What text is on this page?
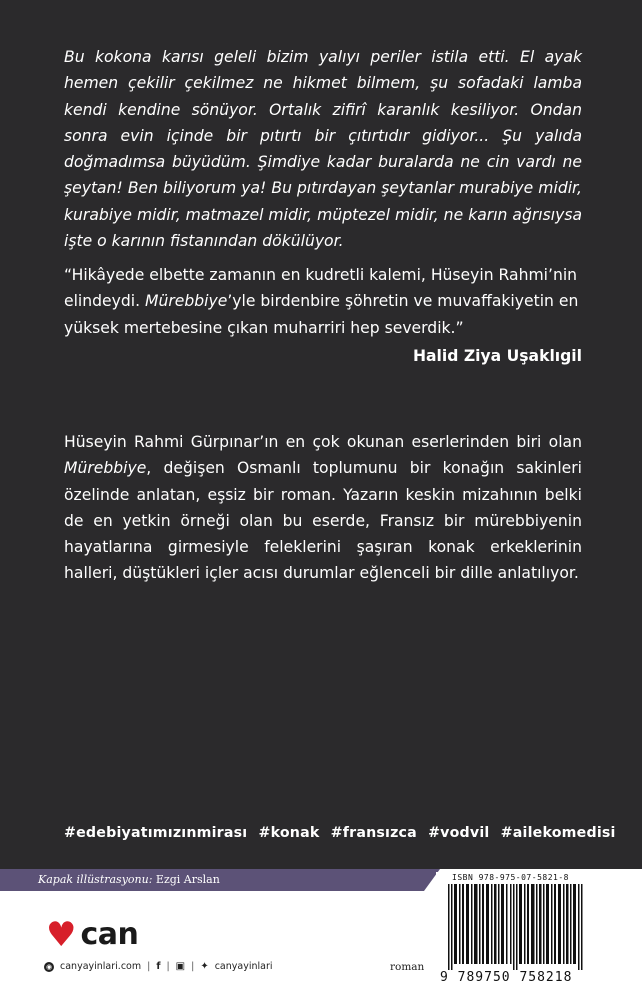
Bu kokona karısı geleli bizim yalıyı periler istila etti. El ayak hemen çekilir çekilmez ne hikmet bilmem, şu sofadaki lamba kendi kendine sönüyor. Ortalık zifirî karanlık kesiliyor. Ondan sonra evin içinde bir pıtırtı bir çıtırtıdır gidiyor... Şu yalıda doğmadımsa büyüdüm. Şimdiye kadar buralarda ne cin vardı ne şeytan! Ben biliyorum ya! Bu pıtırdayan şeytanlar murabiye midir, kurabiye midir, matmazel midir, müptezel midir, ne karın ağrısıysa işte o karının fistanından dökülüyor.

“Hikâyede elbette zamanın en kudretli kalemi, Hüseyin Rahmi’nin elindeydi. Mürebbiye’yle birdenbire şöhretin ve muvaffakiyetin en yüksek mertebesine çıkan muharriri hep severdik.”

Halid Ziya Uşaklıgil

Hüseyin Rahmi Gürpınar’ın en çok okunan eserlerinden biri olan Mürebbiye, değişen Osmanlı toplumunu bir konağın sakinleri özelinde anlatan, eşsiz bir roman. Yazarın keskin mizahının belki de en yetkin örneği olan bu eserde, Fransız bir mürebbiyenin hayatlarına girmesiyle feleklerini şaşıran konak erkeklerinin halleri, düştükleri içler acısı durumlar eğlenceli bir dille anlatılıyor.

#edebiyatımızınmirası #konak #fransızca #vodvil #ailekomedisi
Kapak illüstrasyonu: Ezgi Arslan
♥ can
◉ canyayinlari.com | f | ▣ | ✦ canyayinlari	roman
ISBN 978-975-07-5821-8
9 789750 758218
